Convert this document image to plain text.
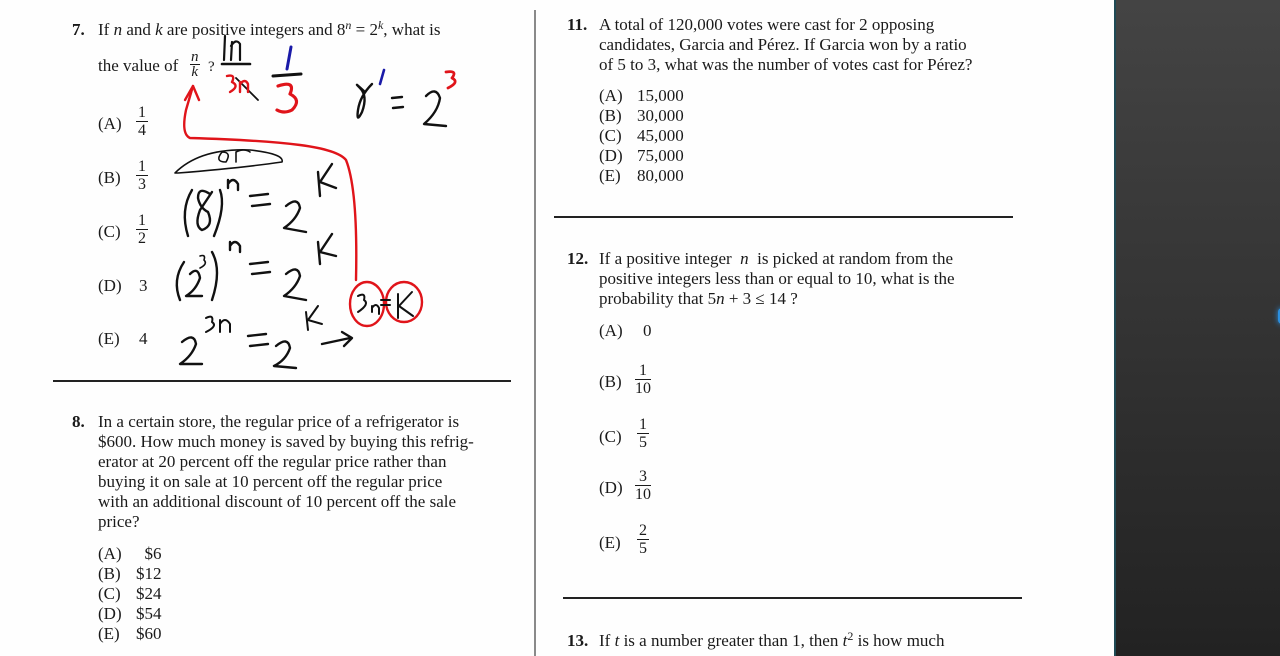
7. If n and k are positive integers and $8^n = 2^k$, what is
the value of $\frac{n}{k}$ ?
$(A) \frac{1}{4}$
$(B) \frac{1}{3}$
$(C) \frac{1}{2}$
(D) 3
(E) 4
8. In a certain store, the regular price of a refrigerator is
$600. How much money is saved by buying this refrig-
erator at 20 percent off the regular price rather than
buying it on sale at 10 percent off the regular price
with an additional discount of 10 percent off the sale
price?
(A)  $6
(B) $12
(C) $24
(D) $54
(E) $60
11. A total of 120,000 votes were cast for 2 opposing
candidates, Garcia and Pérez. If Garcia won by a ratio
of 5 to 3, what was the number of votes cast for Pérez?
(A) 15,000
(B) 30,000
(C) 45,000
(D) 75,000
(E) 80,000
12. If a positive integer n is picked at random from the
positive integers less than or equal to 10, what is the
probability that 5n + 3 ≤ 14 ?
(A) 0
$(B) \frac{1}{10}$
$(C) \frac{1}{5}$
$(D) \frac{3}{10}$
$(E) \frac{2}{5}$
13. If t is a number greater than 1, then $t^2$ is how much
